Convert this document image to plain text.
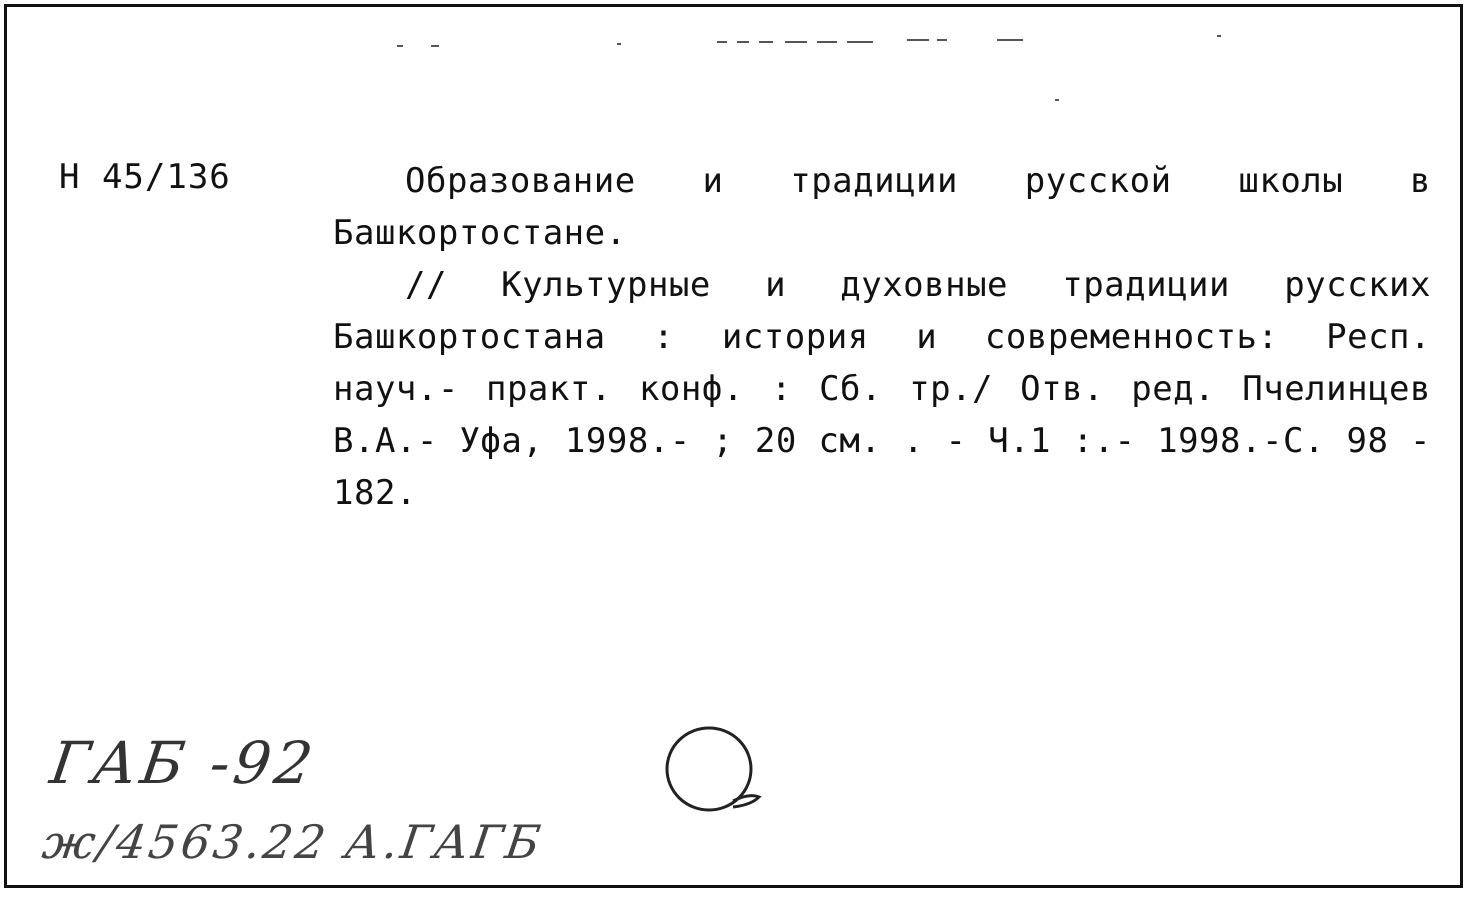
Н 45/136	Образование и традиции русской школы в Башкортостане.

// Культурные и духовные традиции русских Башкортостана : история и современность: Респ. науч.- практ. конф. : Сб. тр./ Отв. ред. Пчелинцев В.А.- Уфа, 1998.- ; 20 см. . - Ч.1 :.- 1998.-С. 98 - 182.

ГАБ -92
ж/4563.22 А.ГАГБ
